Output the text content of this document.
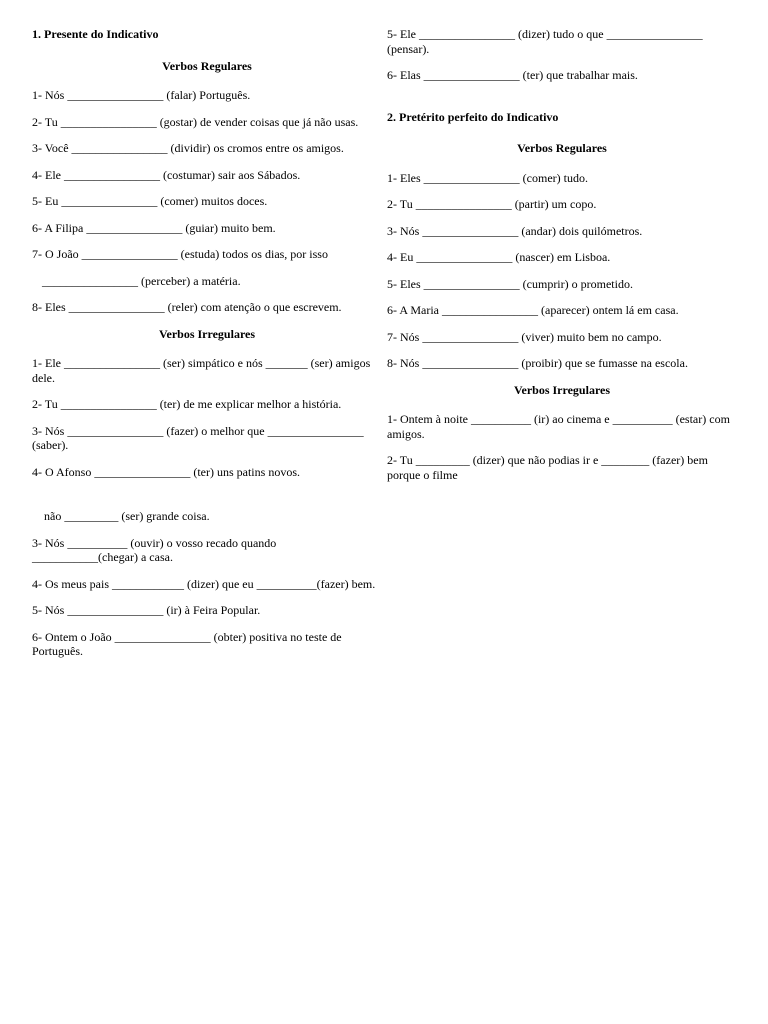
1. Presente do Indicativo
Verbos Regulares
1- Nós ________________ (falar) Português.
2- Tu ________________ (gostar) de vender coisas que já não usas.
3- Você ________________ (dividir) os cromos entre os amigos.
4- Ele ________________ (costumar) sair aos Sábados.
5- Eu ________________ (comer) muitos doces.
6- A Filipa ________________ (guiar) muito bem.
7- O João ________________ (estuda) todos os dias, por isso
________________ (perceber) a matéria.
8- Eles ________________ (reler) com atenção o que escrevem.
Verbos Irregulares
1- Ele ________________ (ser) simpático e nós _______ (ser) amigos dele.
2- Tu ________________ (ter) de me explicar melhor a história.
3- Nós ________________ (fazer) o melhor que ________________ (saber).
4- O Afonso ________________ (ter) uns patins novos.
não _________ (ser) grande coisa.
3- Nós __________ (ouvir) o vosso recado quando ___________(chegar) a casa.
4- Os meus pais ____________ (dizer) que eu __________(fazer) bem.
5- Nós ________________ (ir) à Feira Popular.
6- Ontem o João ________________ (obter) positiva no teste de Português.
5- Ele ________________ (dizer) tudo o que ________________ (pensar).
6- Elas ________________ (ter) que trabalhar mais.
2. Pretérito perfeito do Indicativo
Verbos Regulares
1- Eles ________________ (comer) tudo.
2- Tu ________________ (partir) um copo.
3- Nós ________________ (andar) dois quilómetros.
4- Eu ________________ (nascer) em Lisboa.
5- Eles ________________ (cumprir) o prometido.
6- A Maria ________________ (aparecer) ontem lá em casa.
7- Nós ________________ (viver) muito bem no campo.
8- Nós ________________ (proibir) que se fumasse na escola.
Verbos Irregulares
1- Ontem à noite __________ (ir) ao cinema e __________ (estar) com amigos.
2- Tu _________ (dizer) que não podias ir e ________ (fazer) bem porque o filme
